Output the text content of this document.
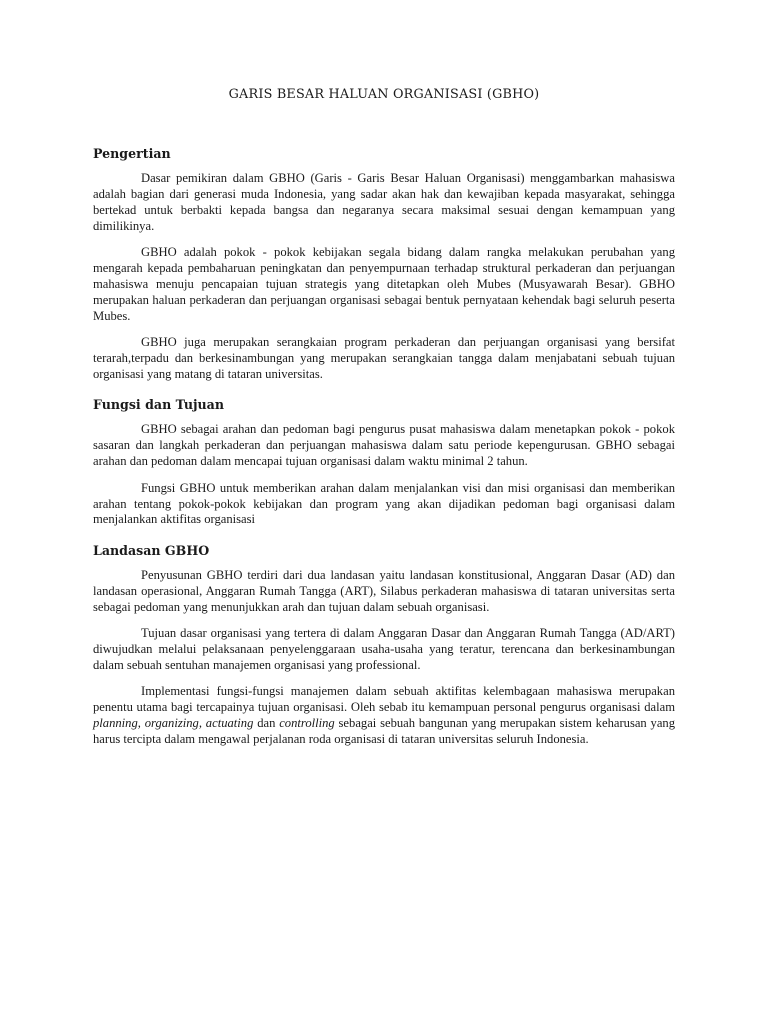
GARIS BESAR HALUAN ORGANISASI (GBHO)
Pengertian

Dasar pemikiran dalam GBHO (Garis - Garis Besar Haluan Organisasi) menggambarkan mahasiswa adalah bagian dari generasi muda Indonesia, yang sadar akan hak dan kewajiban kepada masyarakat, sehingga bertekad untuk berbakti kepada bangsa dan negaranya secara maksimal sesuai dengan kemampuan yang dimilikinya.

GBHO adalah pokok - pokok kebijakan segala bidang dalam rangka melakukan perubahan yang mengarah kepada pembaharuan peningkatan dan penyempurnaan terhadap struktural perkaderan dan perjuangan mahasiswa menuju pencapaian tujuan strategis yang ditetapkan oleh Mubes (Musyawarah Besar). GBHO merupakan haluan perkaderan dan perjuangan organisasi sebagai bentuk pernyataan kehendak bagi seluruh peserta Mubes.

GBHO juga merupakan serangkaian program perkaderan dan perjuangan organisasi yang bersifat terarah,terpadu dan berkesinambungan yang merupakan serangkaian tangga dalam menjabatani sebuah tujuan organisasi yang matang di tataran universitas.

Fungsi dan Tujuan

GBHO sebagai arahan dan pedoman bagi pengurus pusat mahasiswa dalam menetapkan pokok - pokok sasaran dan langkah perkaderan dan perjuangan mahasiswa dalam satu periode kepengurusan. GBHO sebagai arahan dan pedoman dalam mencapai tujuan organisasi dalam waktu minimal 2 tahun.

Fungsi GBHO untuk memberikan arahan dalam menjalankan visi dan misi organisasi dan memberikan arahan tentang pokok-pokok kebijakan dan program yang akan dijadikan pedoman bagi organisasi dalam menjalankan aktifitas organisasi

Landasan GBHO

Penyusunan GBHO terdiri dari dua landasan yaitu landasan konstitusional, Anggaran Dasar (AD) dan landasan operasional, Anggaran Rumah Tangga (ART), Silabus perkaderan mahasiswa di tataran universitas serta sebagai pedoman yang menunjukkan arah dan tujuan dalam sebuah organisasi.

Tujuan dasar organisasi yang tertera di dalam Anggaran Dasar dan Anggaran Rumah Tangga (AD/ART) diwujudkan melalui pelaksanaan penyelenggaraan usaha-usaha yang teratur, terencana dan berkesinambungan dalam sebuah sentuhan manajemen organisasi yang professional.

Implementasi fungsi-fungsi manajemen dalam sebuah aktifitas kelembagaan mahasiswa merupakan penentu utama bagi tercapainya tujuan organisasi. Oleh sebab itu kemampuan personal pengurus organisasi dalam planning, organizing, actuating dan controlling sebagai sebuah bangunan yang merupakan sistem keharusan yang harus tercipta dalam mengawal perjalanan roda organisasi di tataran universitas seluruh Indonesia.
